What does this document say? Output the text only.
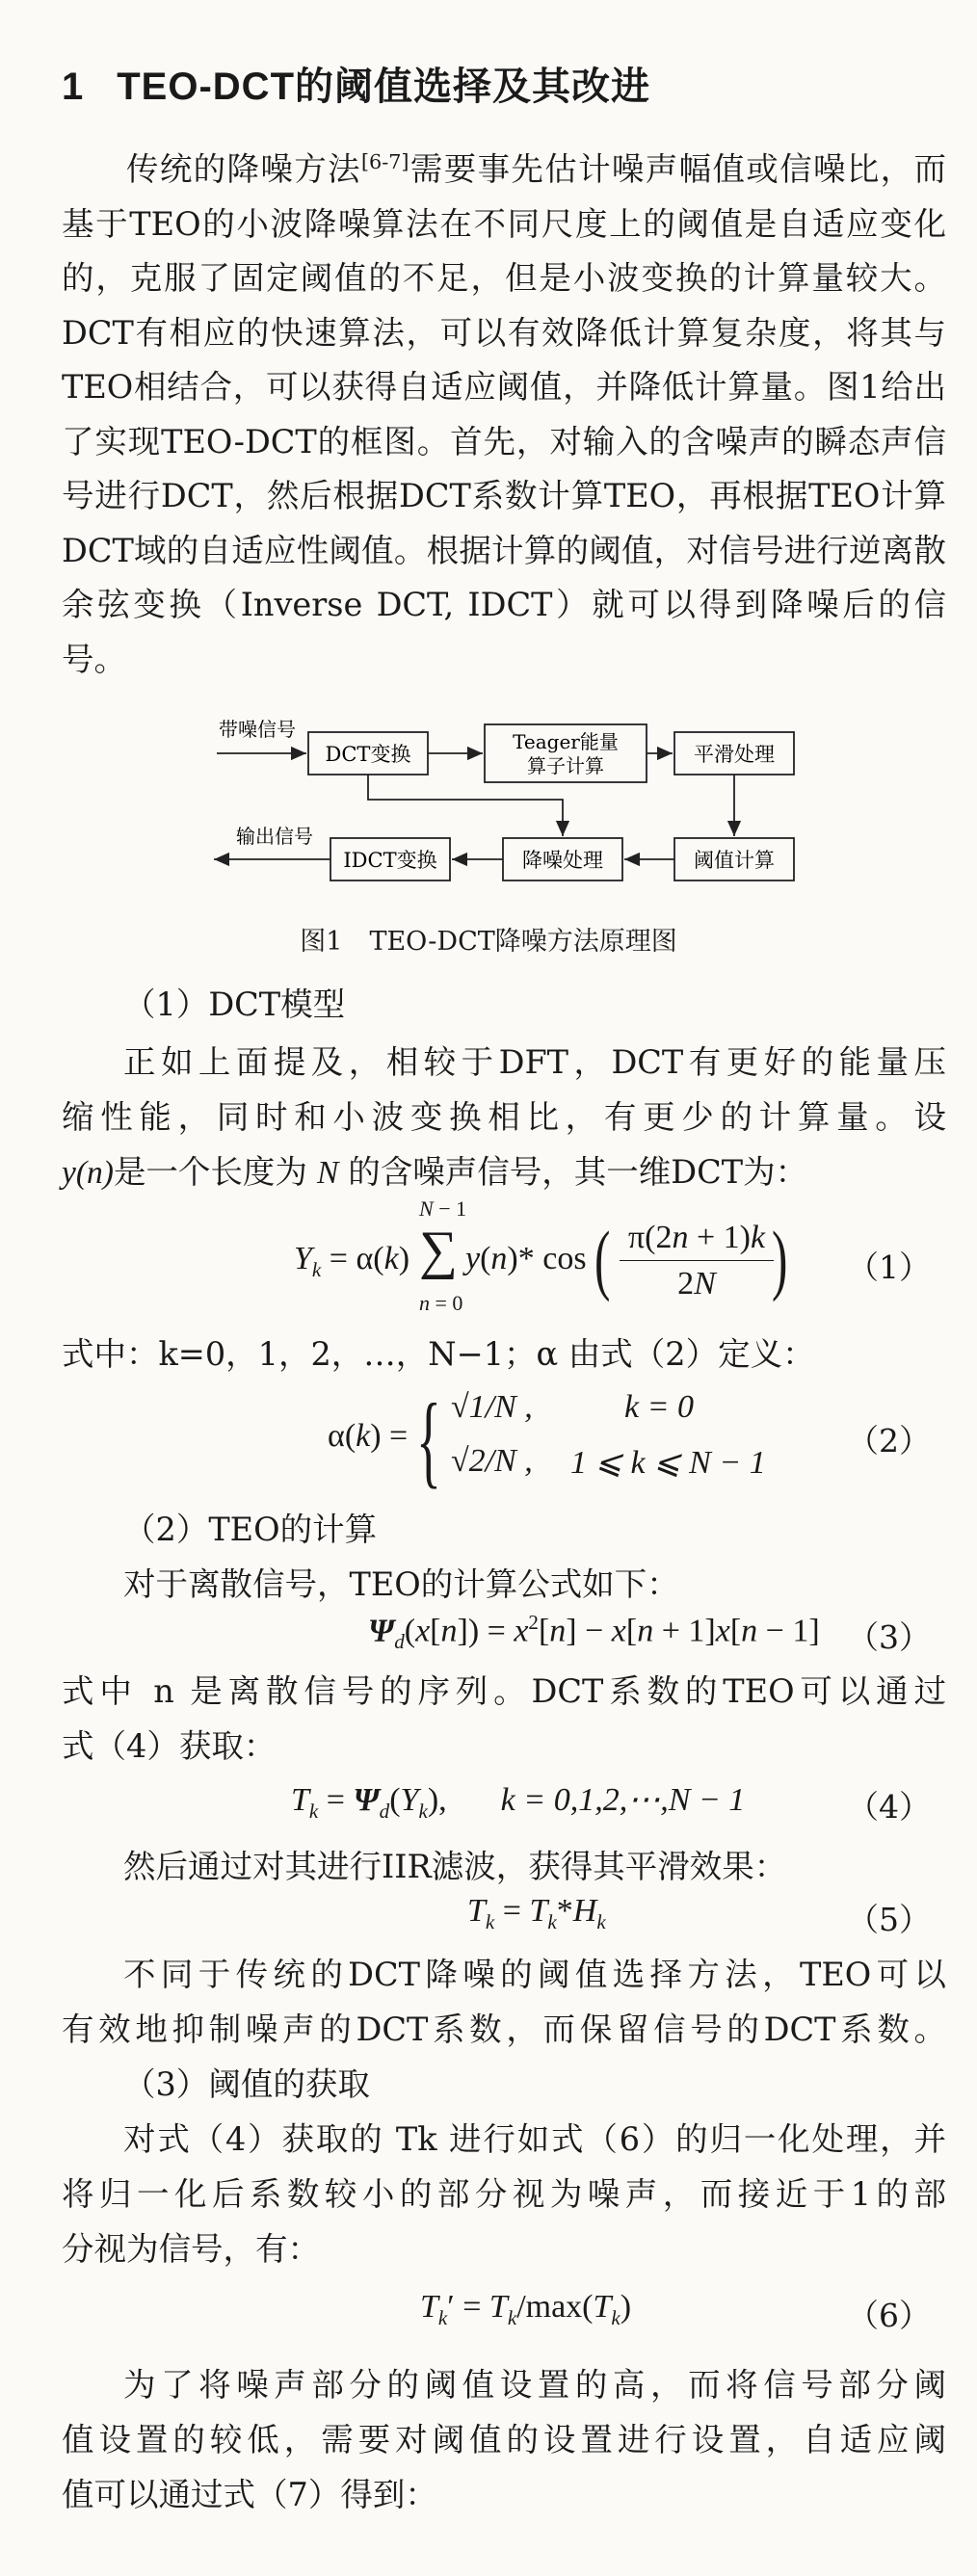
1 TEO-DCT的阈值选择及其改进
传统的降噪方法[6-7]需要事先估计噪声幅值或信噪比，而基于TEO的小波降噪算法在不同尺度上的阈值是自适应变化的，克服了固定阈值的不足，但是小波变换的计算量较大。DCT有相应的快速算法，可以有效降低计算复杂度，将其与TEO相结合，可以获得自适应阈值，并降低计算量。图1给出了实现TEO-DCT的框图。首先，对输入的含噪声的瞬态声信号进行DCT，然后根据DCT系数计算TEO，再根据TEO计算DCT域的自适应性阈值。根据计算的阈值，对信号进行逆离散余弦变换（Inverse DCT, IDCT）就可以得到降噪后的信号。
带噪信号
DCT变换
Teager能量
算子计算	平滑处理
阈值计算
降噪处理
IDCT变换
输出信号
图1 TEO-DCT降噪方法原理图
（1）DCT模型
正如上面提及，相较于DFT，DCT有更好的能量压
缩性能，同时和小波变换相比，有更少的计算量。设
y(n)是一个长度为 N 的含噪声信号，其一维DCT为：
$Y_k = \alpha(k)$ ∑
N − 1
n = 0
y(n)* cos ( π(2n + 1)k
2N ) （1）
式中：k=0，1，2，…，N−1；α 由式（2）定义：
α(k) = { √1/N ,	k = 0
√2/N , 1 ⩽ k ⩽ N − 1
（2）
（2）TEO的计算
对于离散信号，TEO的计算公式如下：
$\Psi_d(x[n]) = x^2[n] - x[n + 1]x[n - 1]$ （3）
式中 n 是离散信号的序列。DCT系数的TEO可以通过
式（4）获取：
$T_k = \Psi_d(Y_k)$, k = 0,1,2,⋯,N − 1	（4）
然后通过对其进行IIR滤波，获得其平滑效果：
$T_k = T_k*H_k$	（5）
不同于传统的DCT降噪的阈值选择方法，TEO可以
有效地抑制噪声的DCT系数，而保留信号的DCT系数。
（3）阈值的获取
对式（4）获取的 Tk 进行如式（6）的归一化处理，并
将归一化后系数较小的部分视为噪声，而接近于1的部
分视为信号，有：
$T_k' = T_k/\max(T_k)$	（6）
为了将噪声部分的阈值设置的高，而将信号部分阈
值设置的较低，需要对阈值的设置进行设置，自适应阈
值可以通过式（7）得到：
